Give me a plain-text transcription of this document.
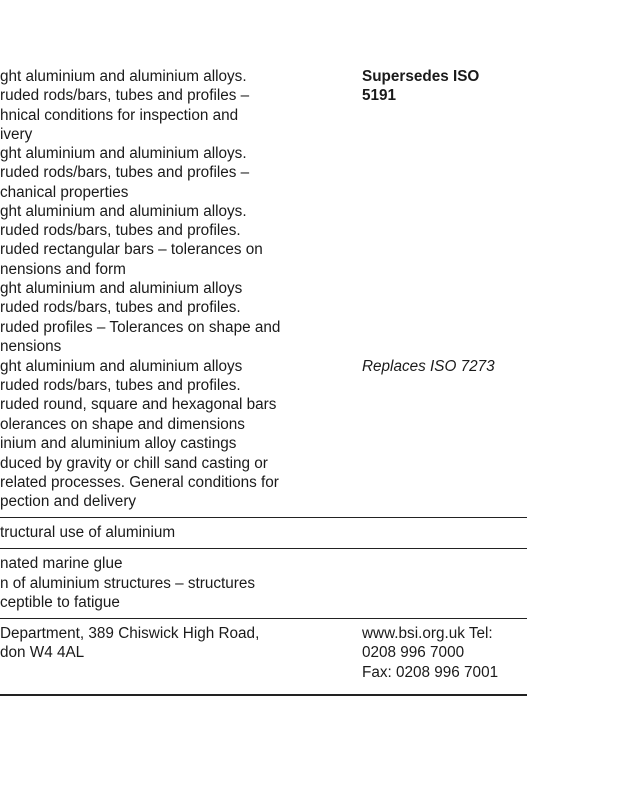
ght aluminium and aluminium alloys.
ruded rods/bars, tubes and profiles –
hnical conditions for inspection and
ivery
ght aluminium and aluminium alloys.
ruded rods/bars, tubes and profiles –
chanical properties
ght aluminium and aluminium alloys.
ruded rods/bars, tubes and profiles.
ruded rectangular bars – tolerances on
nensions and form
ght aluminium and aluminium alloys
ruded rods/bars, tubes and profiles.
ruded profiles – Tolerances on shape and
nensions
ght aluminium and aluminium alloys
ruded rods/bars, tubes and profiles.
ruded round, square and hexagonal bars
olerances on shape and dimensions
inium and aluminium alloy castings
duced by gravity or chill sand casting or
related processes. General conditions for
pection and delivery
tructural use of aluminium
nated marine glue
n of aluminium structures – structures
ceptible to fatigue
Department, 389 Chiswick High Road,
don W4 4AL
Supersedes ISO
5191
Replaces ISO 7273
www.bsi.org.uk Tel:
0208 996 7000
Fax: 0208 996 7001
